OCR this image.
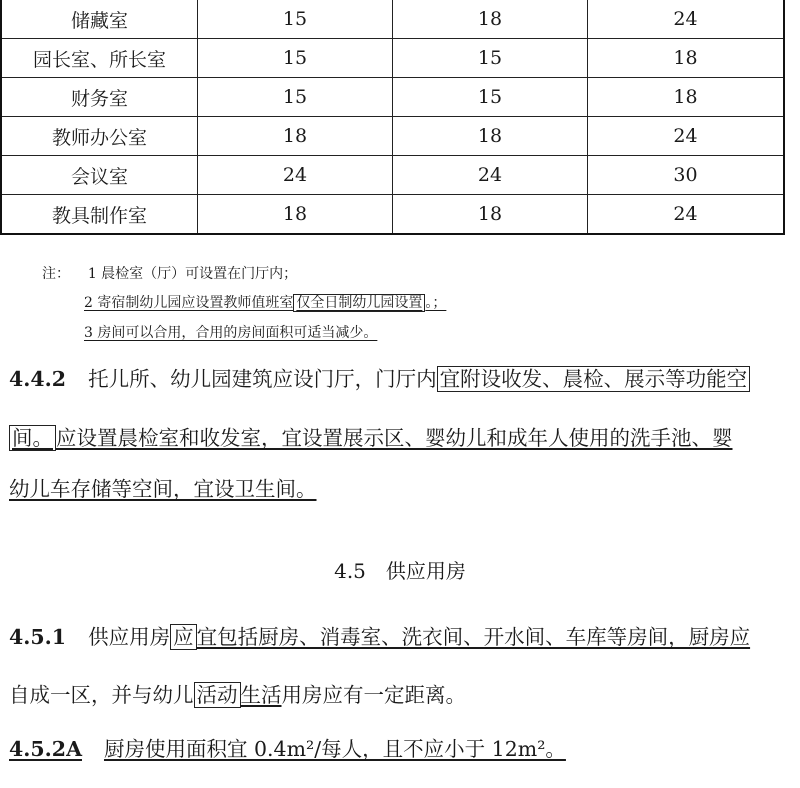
储藏室	15	18	24
园长室、所长室	15	15	18
财务室	15	15	18
教师办公室	18	18	24
会议室	24	24	30
教具制作室	18	18	24
注： 1 晨检室（厅）可设置在门厅内；
2 寄宿制幼儿园应设置教师值班室 仅全日制幼儿园设置 。；
3 房间可以合用，合用的房间面积可适当减少。
4.4.2 托儿所、幼儿园建筑应设门厅，门厅内 宜附设收发、晨检、展示等功能空
间。 应设置晨检室和收发室，宜设置展示区、婴幼儿和成年人使用的洗手池、婴
幼儿车存储等空间，宜设卫生间。
4.5 供应用房
4.5.1 供应用房 应 宜包括厨房、消毒室、洗衣间、开水间、车库等房间，厨房应
自成一区，并与幼儿 活动 生活用房应有一定距离。
4.5.2A 厨房使用面积宜 0.4m²/每人，且不应小于 12m²。
